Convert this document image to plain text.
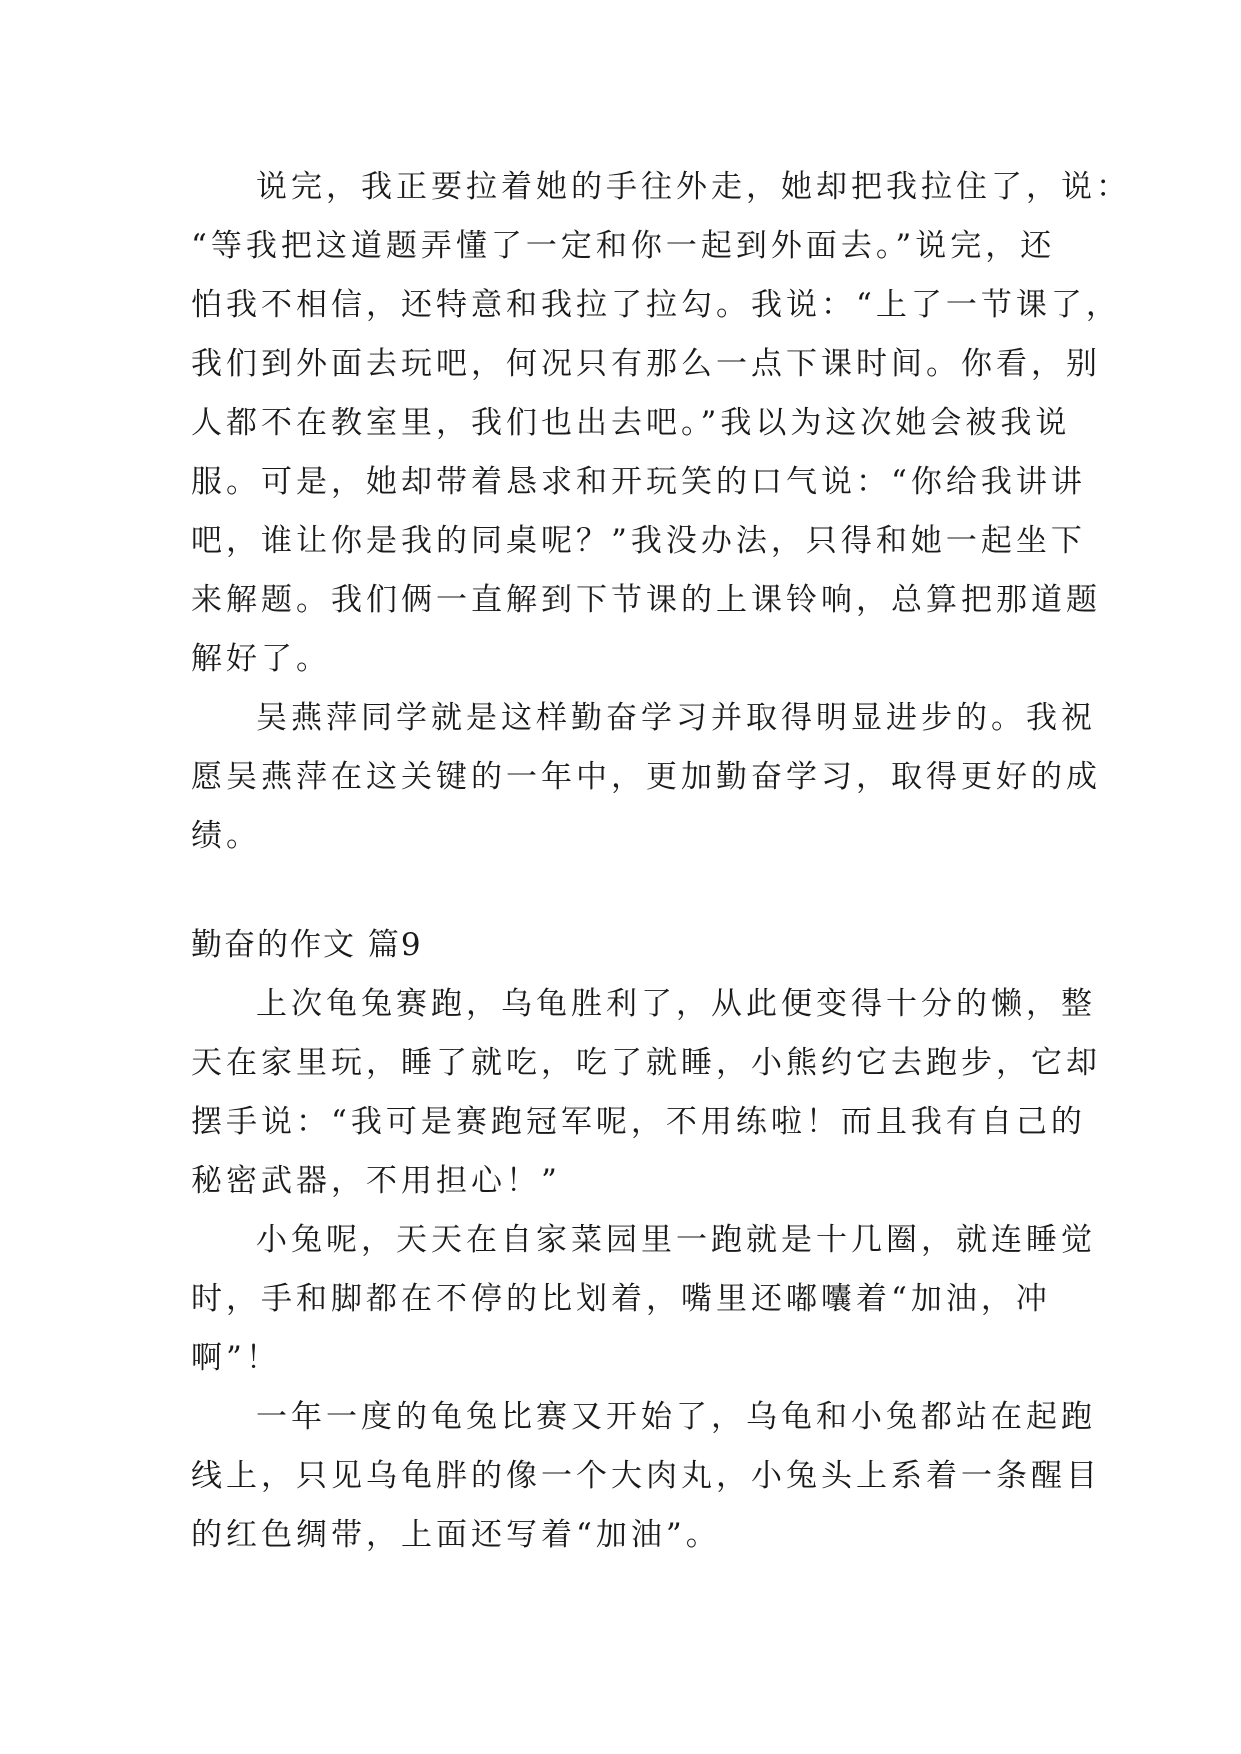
说完，我正要拉着她的手往外走，她却把我拉住了，说：
“等我把这道题弄懂了一定和你一起到外面去。”说完，还
怕我不相信，还特意和我拉了拉勾。我说：“上了一节课了，
我们到外面去玩吧，何况只有那么一点下课时间。你看，别
人都不在教室里，我们也出去吧。”我以为这次她会被我说
服。可是，她却带着恳求和开玩笑的口气说：“你给我讲讲
吧，谁让你是我的同桌呢？”我没办法，只得和她一起坐下
来解题。我们俩一直解到下节课的上课铃响，总算把那道题
解好了。
吴燕萍同学就是这样勤奋学习并取得明显进步的。我祝
愿吴燕萍在这关键的一年中，更加勤奋学习，取得更好的成
绩。
勤奋的作文 篇9
上次龟兔赛跑，乌龟胜利了，从此便变得十分的懒，整
天在家里玩，睡了就吃，吃了就睡，小熊约它去跑步，它却
摆手说：“我可是赛跑冠军呢，不用练啦！而且我有自己的
秘密武器，不用担心！”
小兔呢，天天在自家菜园里一跑就是十几圈，就连睡觉
时，手和脚都在不停的比划着，嘴里还嘟囔着“加油，冲
啊”！
一年一度的龟兔比赛又开始了，乌龟和小兔都站在起跑
线上，只见乌龟胖的像一个大肉丸，小兔头上系着一条醒目
的红色绸带，上面还写着“加油”。
